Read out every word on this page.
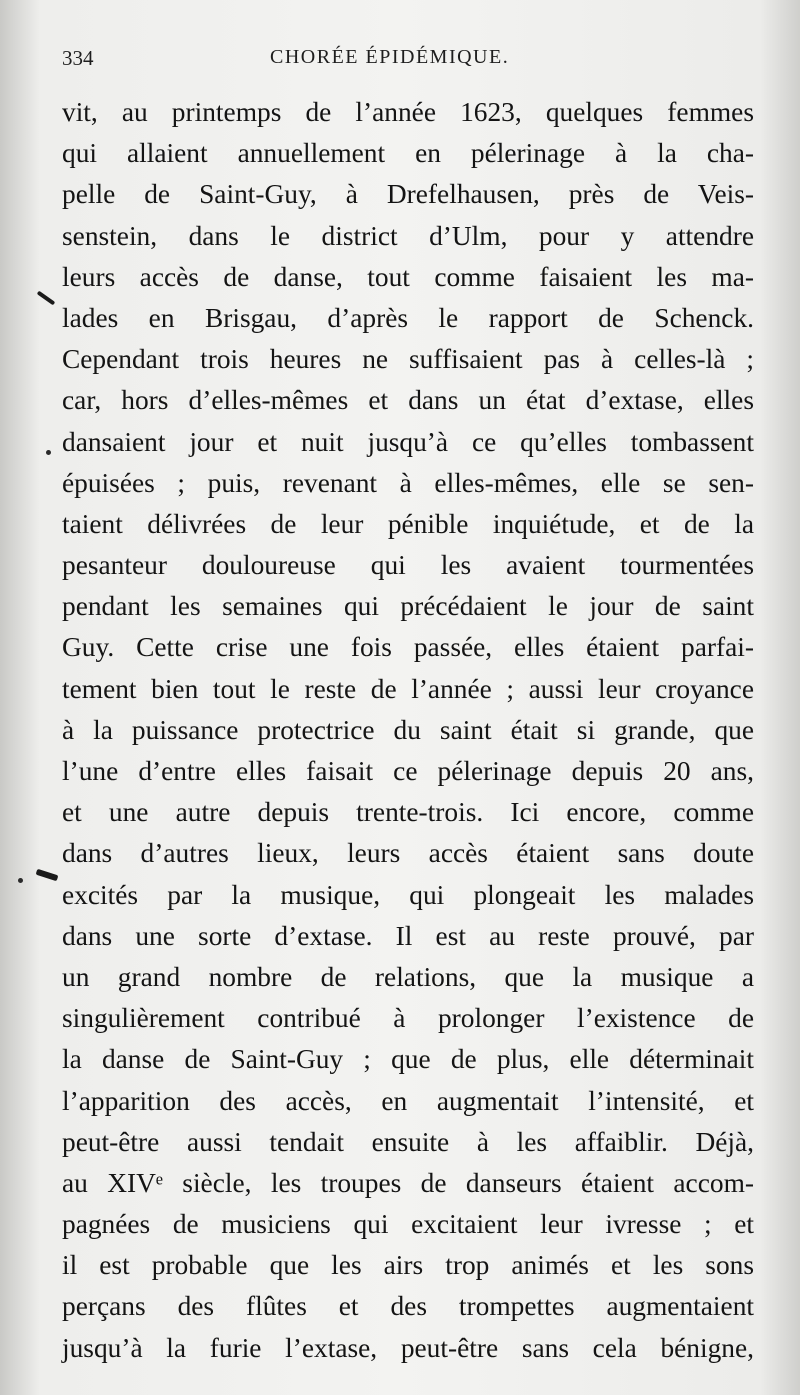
334	CHORÉE ÉPIDÉMIQUE.
vit, au printemps de l’année 1623, quelques femmes
qui allaient annuellement en pélerinage à la cha-
pelle de Saint-Guy, à Drefelhausen, près de Veis-
senstein, dans le district d’Ulm, pour y attendre
leurs accès de danse, tout comme faisaient les ma-
lades en Brisgau, d’après le rapport de Schenck.
Cependant trois heures ne suffisaient pas à celles-là ;
car, hors d’elles-mêmes et dans un état d’extase, elles
dansaient jour et nuit jusqu’à ce qu’elles tombassent
épuisées ; puis, revenant à elles-mêmes, elle se sen-
taient délivrées de leur pénible inquiétude, et de la
pesanteur douloureuse qui les avaient tourmentées
pendant les semaines qui précédaient le jour de saint
Guy. Cette crise une fois passée, elles étaient parfai-
tement bien tout le reste de l’année ; aussi leur croyance
à la puissance protectrice du saint était si grande, que
l’une d’entre elles faisait ce pélerinage depuis 20 ans,
et une autre depuis trente-trois. Ici encore, comme
dans d’autres lieux, leurs accès étaient sans doute
excités par la musique, qui plongeait les malades
dans une sorte d’extase. Il est au reste prouvé, par
un grand nombre de relations, que la musique a
singulièrement contribué à prolonger l’existence de
la danse de Saint-Guy ; que de plus, elle déterminait
l’apparition des accès, en augmentait l’intensité, et
peut-être aussi tendait ensuite à les affaiblir. Déjà,
au XIVᵉ siècle, les troupes de danseurs étaient accom-
pagnées de musiciens qui excitaient leur ivresse ; et
il est probable que les airs trop animés et les sons
perçans des flûtes et des trompettes augmentaient
jusqu’à la furie l’extase, peut-être sans cela bénigne,
